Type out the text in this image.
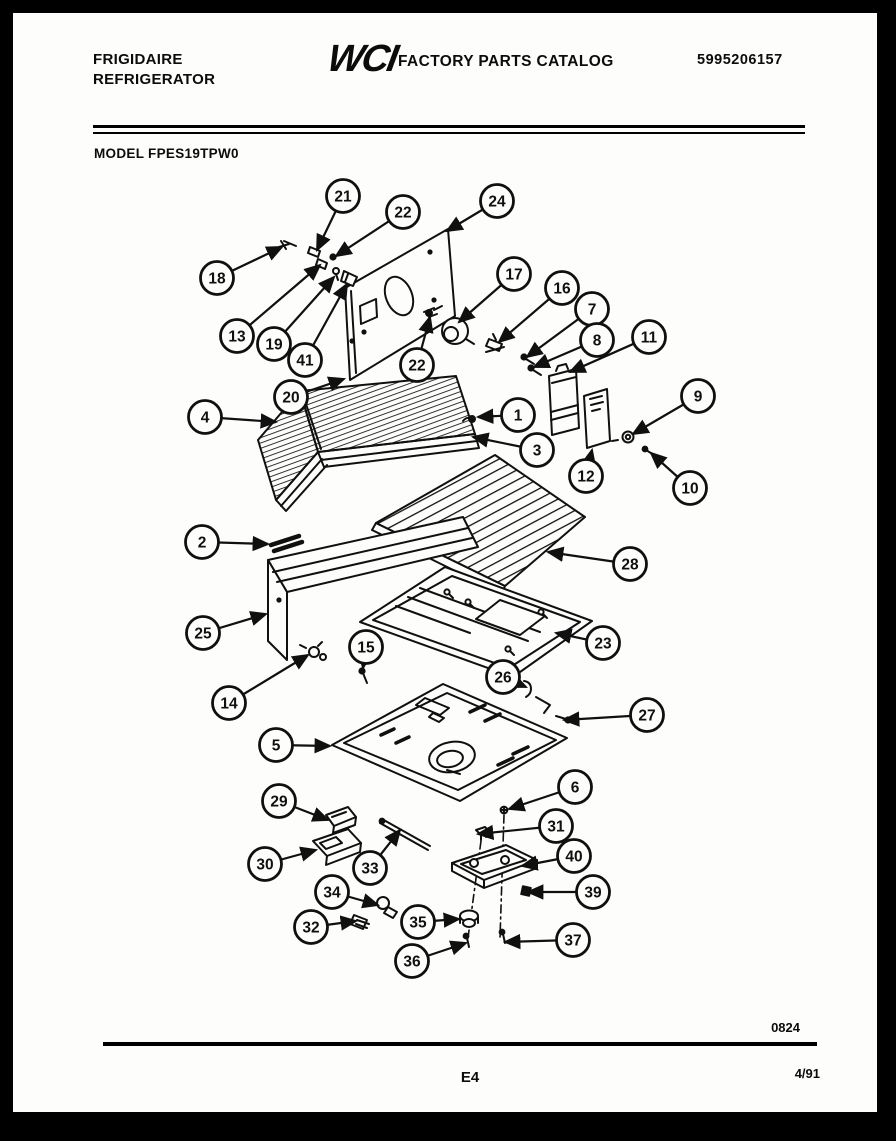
FRIGIDAIRE
REFRIGERATOR	WCI
FACTORY PARTS CATALOG	5995206157
MODEL FPES19TPW0
1
2
3
4
5
6
7
8
9
10
11
12
13
14
15
16
17
18
19
20
21
22
22
23
24
25
26
27
28
29
30
31
32
33
34
35
36
37
39
40
41
0824
E4	4/91
